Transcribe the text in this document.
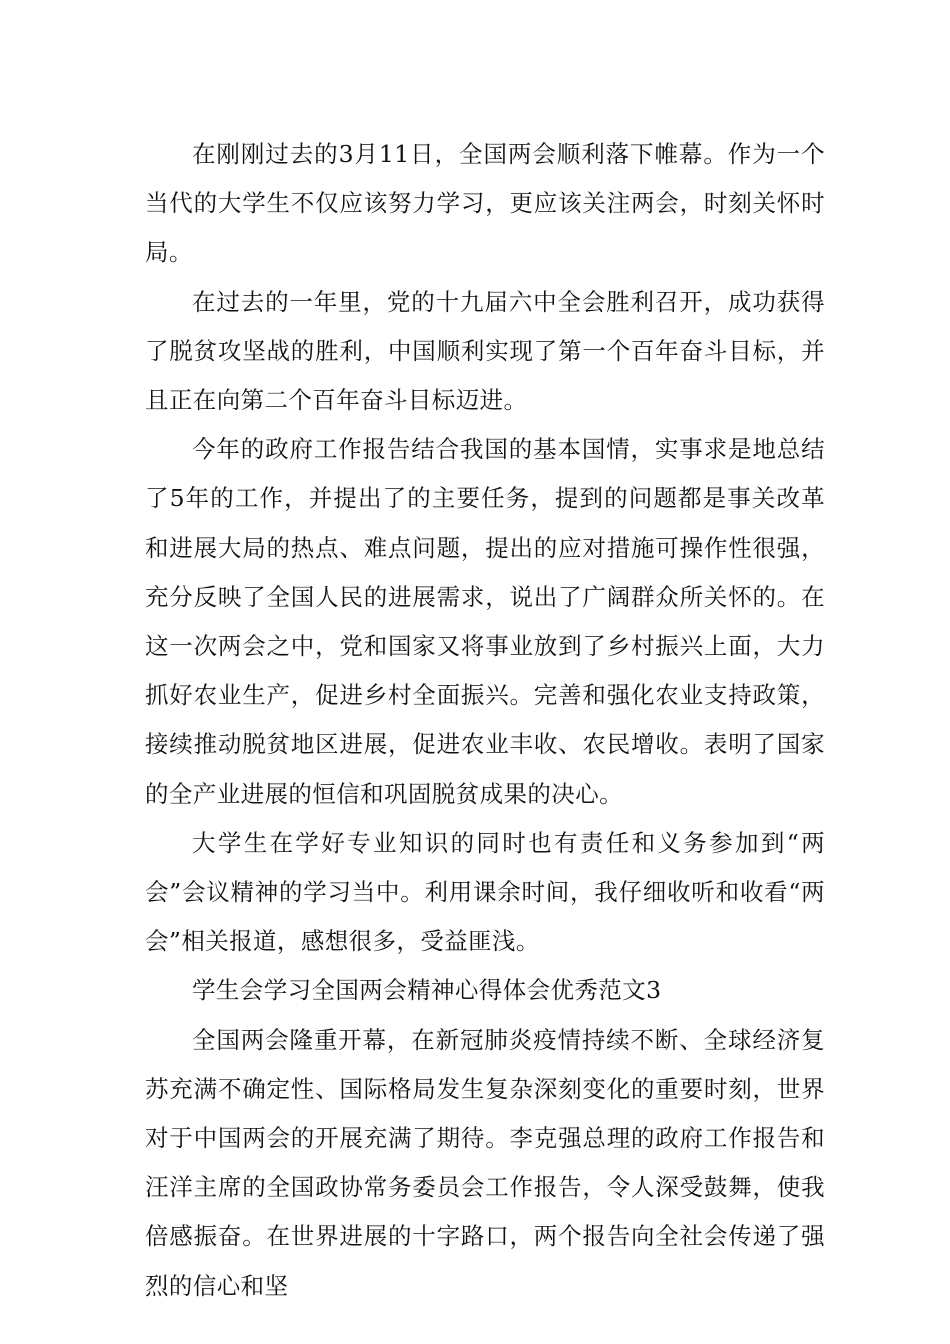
在刚刚过去的3月11日，全国两会顺利落下帷幕。作为一个当代的大学生不仅应该努力学习，更应该关注两会，时刻关怀时局。

在过去的一年里，党的十九届六中全会胜利召开，成功获得了脱贫攻坚战的胜利，中国顺利实现了第一个百年奋斗目标，并且正在向第二个百年奋斗目标迈进。

今年的政府工作报告结合我国的基本国情，实事求是地总结了5年的工作，并提出了的主要任务，提到的问题都是事关改革和进展大局的热点、难点问题，提出的应对措施可操作性很强，充分反映了全国人民的进展需求，说出了广阔群众所关怀的。在这一次两会之中，党和国家又将事业放到了乡村振兴上面，大力抓好农业生产，促进乡村全面振兴。完善和强化农业支持政策，接续推动脱贫地区进展，促进农业丰收、农民增收。表明了国家的全产业进展的恒信和巩固脱贫成果的决心。

大学生在学好专业知识的同时也有责任和义务参加到“两会”会议精神的学习当中。利用课余时间，我仔细收听和收看“两会”相关报道，感想很多，受益匪浅。

学生会学习全国两会精神心得体会优秀范文3

全国两会隆重开幕，在新冠肺炎疫情持续不断、全球经济复苏充满不确定性、国际格局发生复杂深刻变化的重要时刻，世界对于中国两会的开展充满了期待。李克强总理的政府工作报告和汪洋主席的全国政协常务委员会工作报告，令人深受鼓舞，使我倍感振奋。在世界进展的十字路口，两个报告向全社会传递了强烈的信心和坚
